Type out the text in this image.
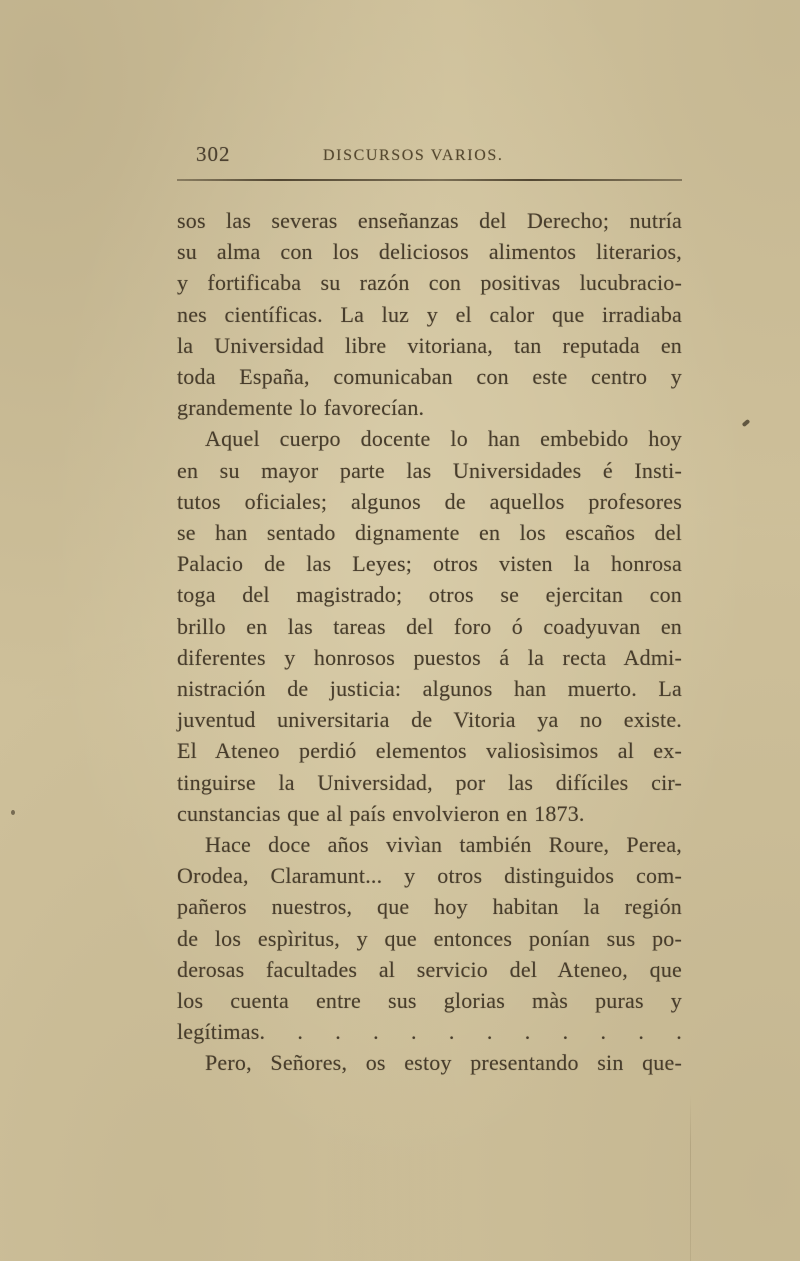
302	DISCURSOS VARIOS.
sos las severas enseñanzas del Derecho; nutría
su alma con los deliciosos alimentos literarios,
y fortificaba su razón con positivas lucubracio-
nes científicas. La luz y el calor que irradiaba
la Universidad libre vitoriana, tan reputada en
toda España, comunicaban con este centro y
grandemente lo favorecían.
Aquel cuerpo docente lo han embebido hoy
en su mayor parte las Universidades é Insti-
tutos oficiales; algunos de aquellos profesores
se han sentado dignamente en los escaños del
Palacio de las Leyes; otros visten la honrosa
toga del magistrado; otros se ejercitan con
brillo en las tareas del foro ó coadyuvan en
diferentes y honrosos puestos á la recta Admi-
nistración de justicia: algunos han muerto. La
juventud universitaria de Vitoria ya no existe.
El Ateneo perdió elementos valiosìsimos al ex-
tinguirse la Universidad, por las difíciles cir-
cunstancias que al país envolvieron en 1873.
Hace doce años vivìan también Roure, Perea,
Orodea, Claramunt... y otros distinguidos com-
pañeros nuestros, que hoy habitan la región
de los espìritus, y que entonces ponían sus po-
derosas facultades al servicio del Ateneo, que
los cuenta entre sus glorias màs puras y
legítimas. . . . . . . . . . . .
Pero, Señores, os estoy presentando sin que-
